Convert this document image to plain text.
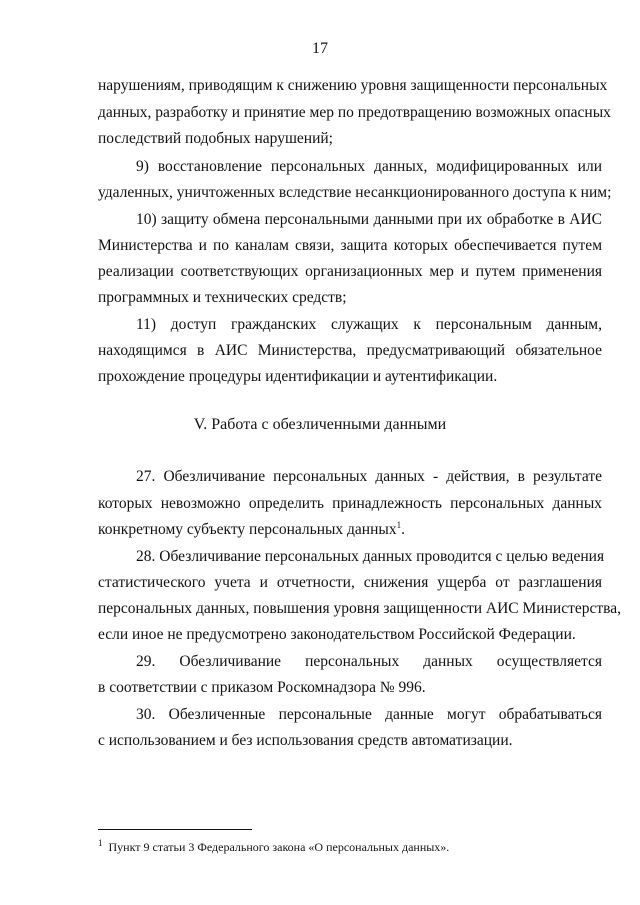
17
нарушениям, приводящим к снижению уровня защищенности персональных
данных, разработку и принятие мер по предотвращению возможных опасных
последствий подобных нарушений;
9) восстановление персональных данных, модифицированных или
удаленных, уничтоженных вследствие несанкционированного доступа к ним;
10) защиту обмена персональными данными при их обработке в АИС
Министерства и по каналам связи, защита которых обеспечивается путем
реализации соответствующих организационных мер и путем применения
программных и технических средств;
11) доступ гражданских служащих к персональным данным,
находящимся в АИС Министерства, предусматривающий обязательное
прохождение процедуры идентификации и аутентификации.
V. Работа с обезличенными данными
27. Обезличивание персональных данных - действия, в результате
которых невозможно определить принадлежность персональных данных
конкретному субъекту персональных данных$^1$.
28. Обезличивание персональных данных проводится с целью ведения
статистического учета и отчетности, снижения ущерба от разглашения
персональных данных, повышения уровня защищенности АИС Министерства,
если иное не предусмотрено законодательством Российской Федерации.
29. Обезличивание персональных данных осуществляется
в соответствии с приказом Роскомнадзора № 996.
30. Обезличенные персональные данные могут обрабатываться
с использованием и без использования средств автоматизации.
$^1$ Пункт 9 статьи 3 Федерального закона «О персональных данных».
